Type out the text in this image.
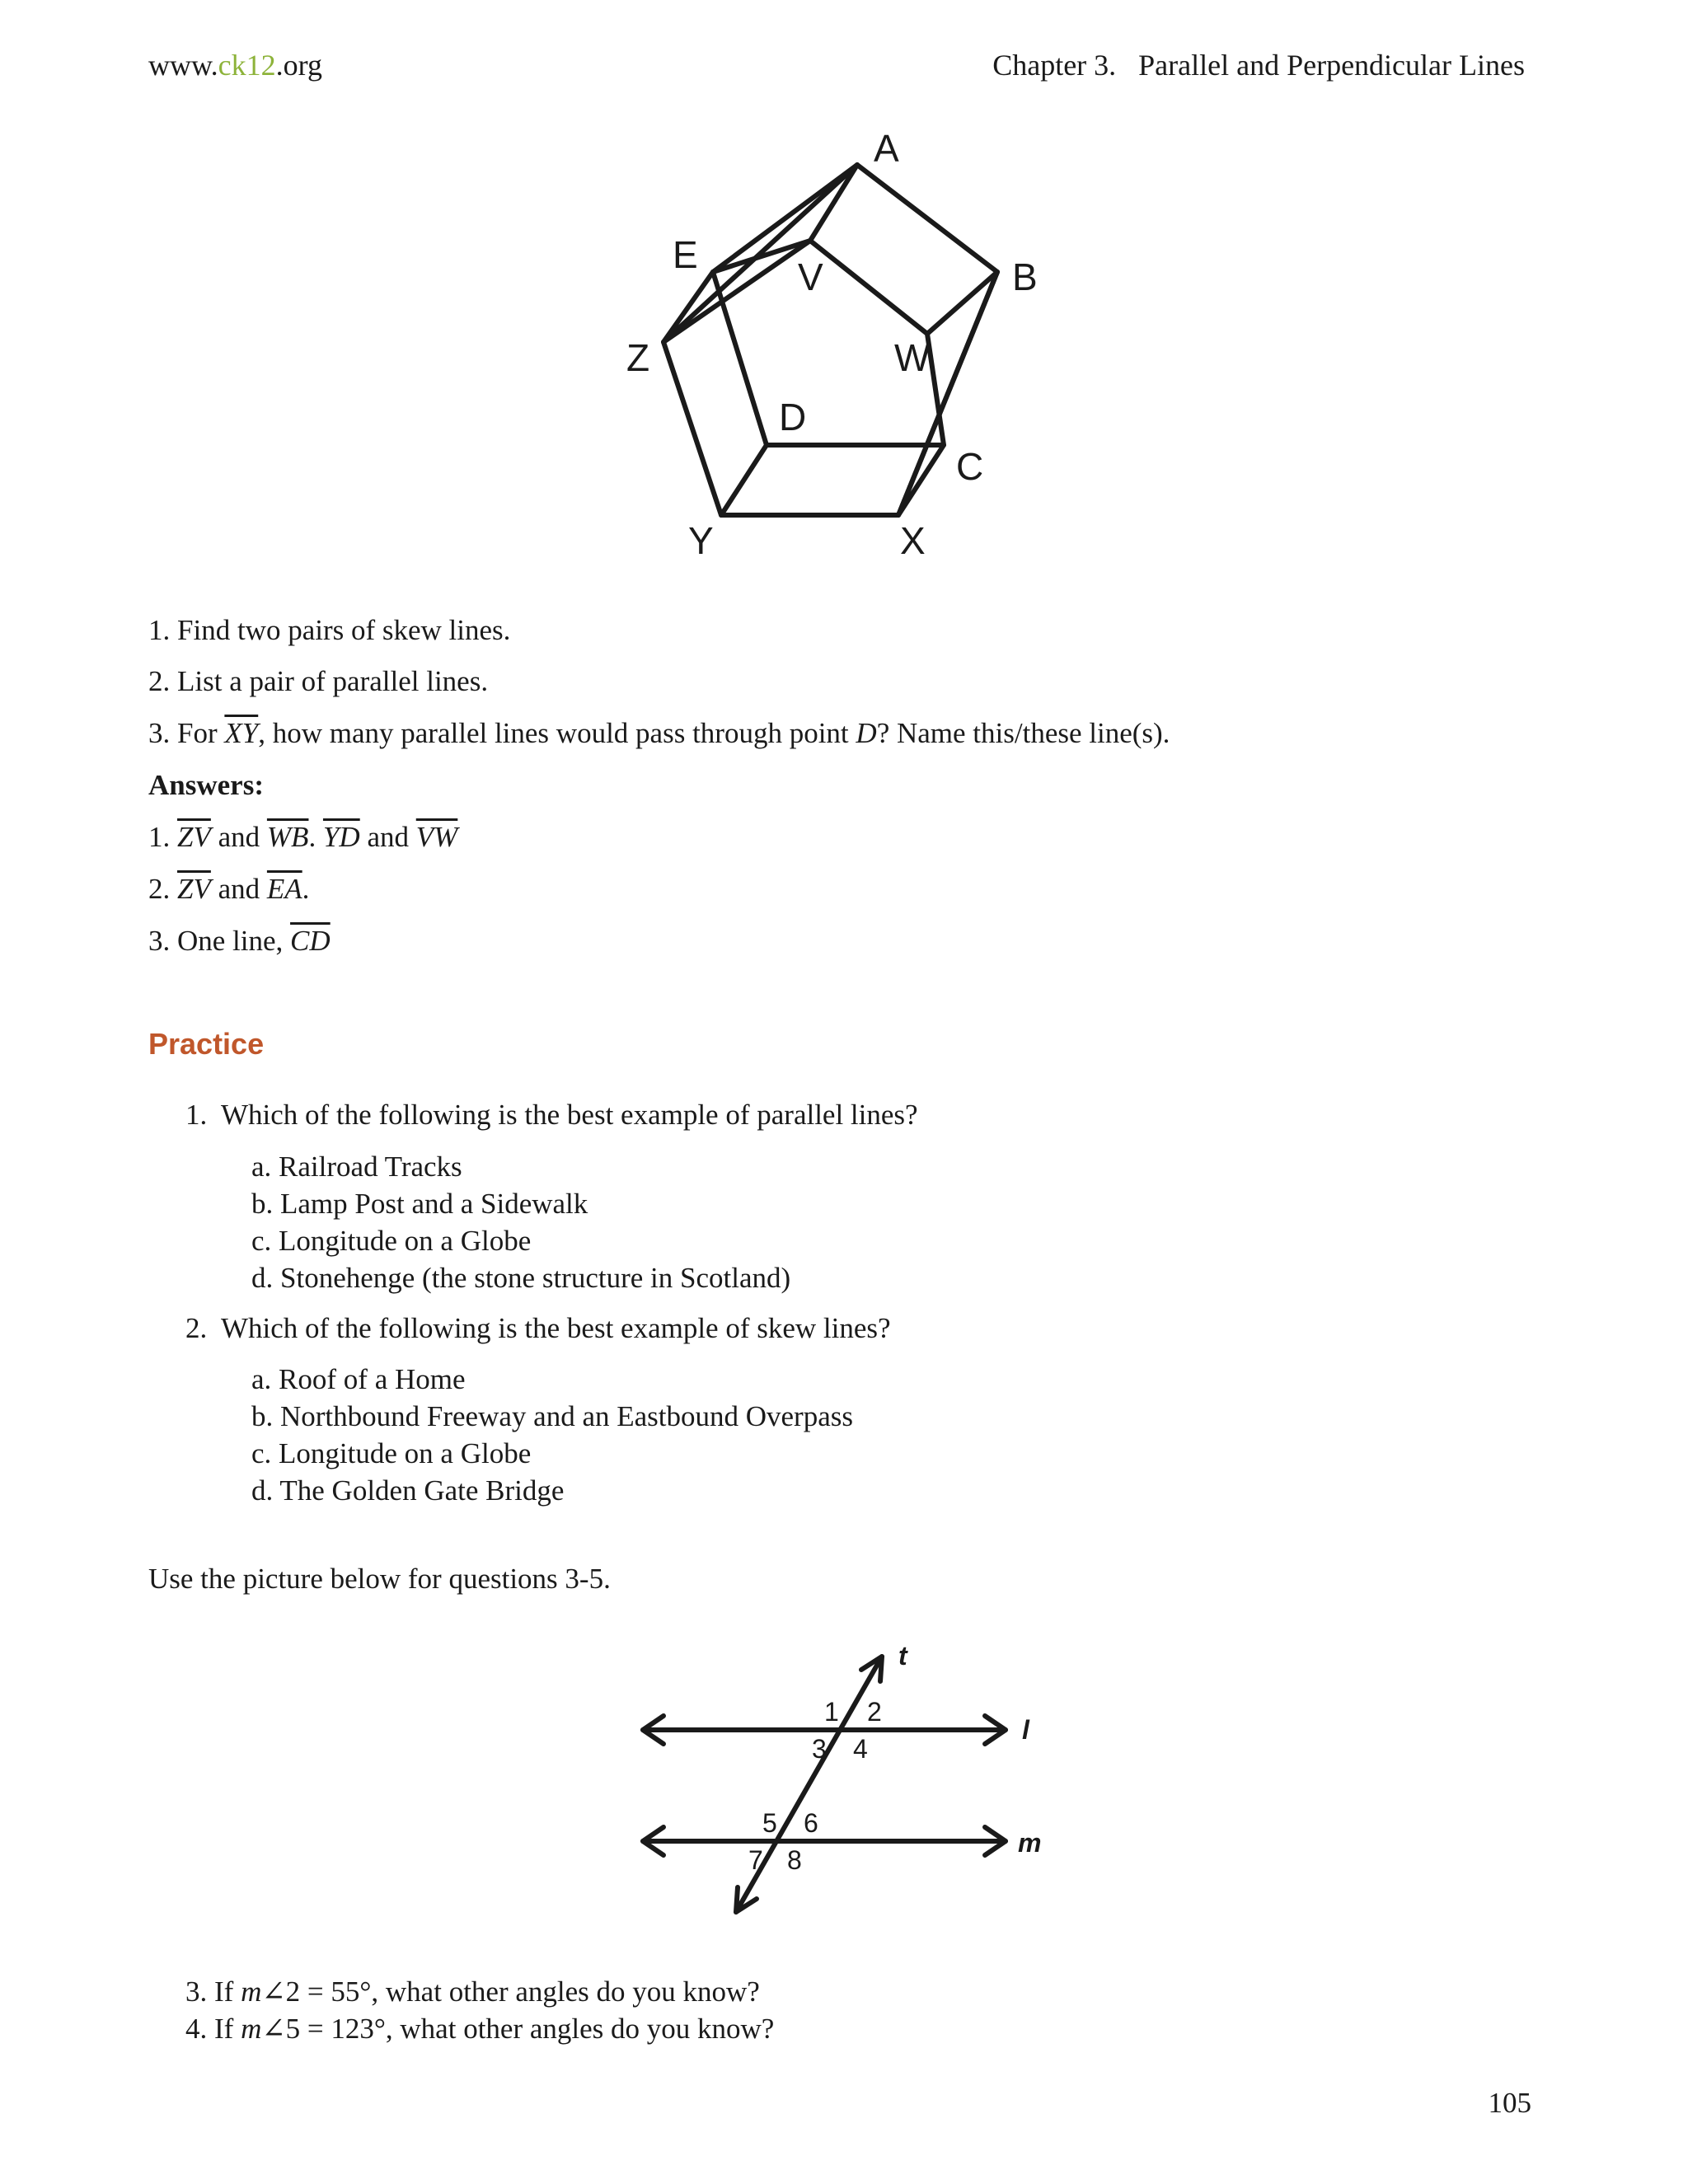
www.ck12.org	Chapter 3.   Parallel and Perpendicular Lines
A
B
C
D
E
V
W
X
Y
Z
1. Find two pairs of skew lines.
2. List a pair of parallel lines.
3. For $\overline{XY}$, how many parallel lines would pass through point D? Name this/these line(s).
Answers:
1. $\overline{ZV}$ and $\overline{WB}$. $\overline{YD}$ and $\overline{VW}$
2. $\overline{ZV}$ and $\overline{EA}$.
3. One line, $\overline{CD}$
Practice
1. Which of the following is the best example of parallel lines?
a. Railroad Tracks
b. Lamp Post and a Sidewalk
c. Longitude on a Globe
d. Stonehenge (the stone structure in Scotland)
2. Which of the following is the best example of skew lines?
a. Roof of a Home
b. Northbound Freeway and an Eastbound Overpass
c. Longitude on a Globe
d. The Golden Gate Bridge
Use the picture below for questions 3-5.
t
l
m
1 2
3 4
5 6
7 8
3. If m∠2 = 55°, what other angles do you know?
4. If m∠5 = 123°, what other angles do you know?
105
